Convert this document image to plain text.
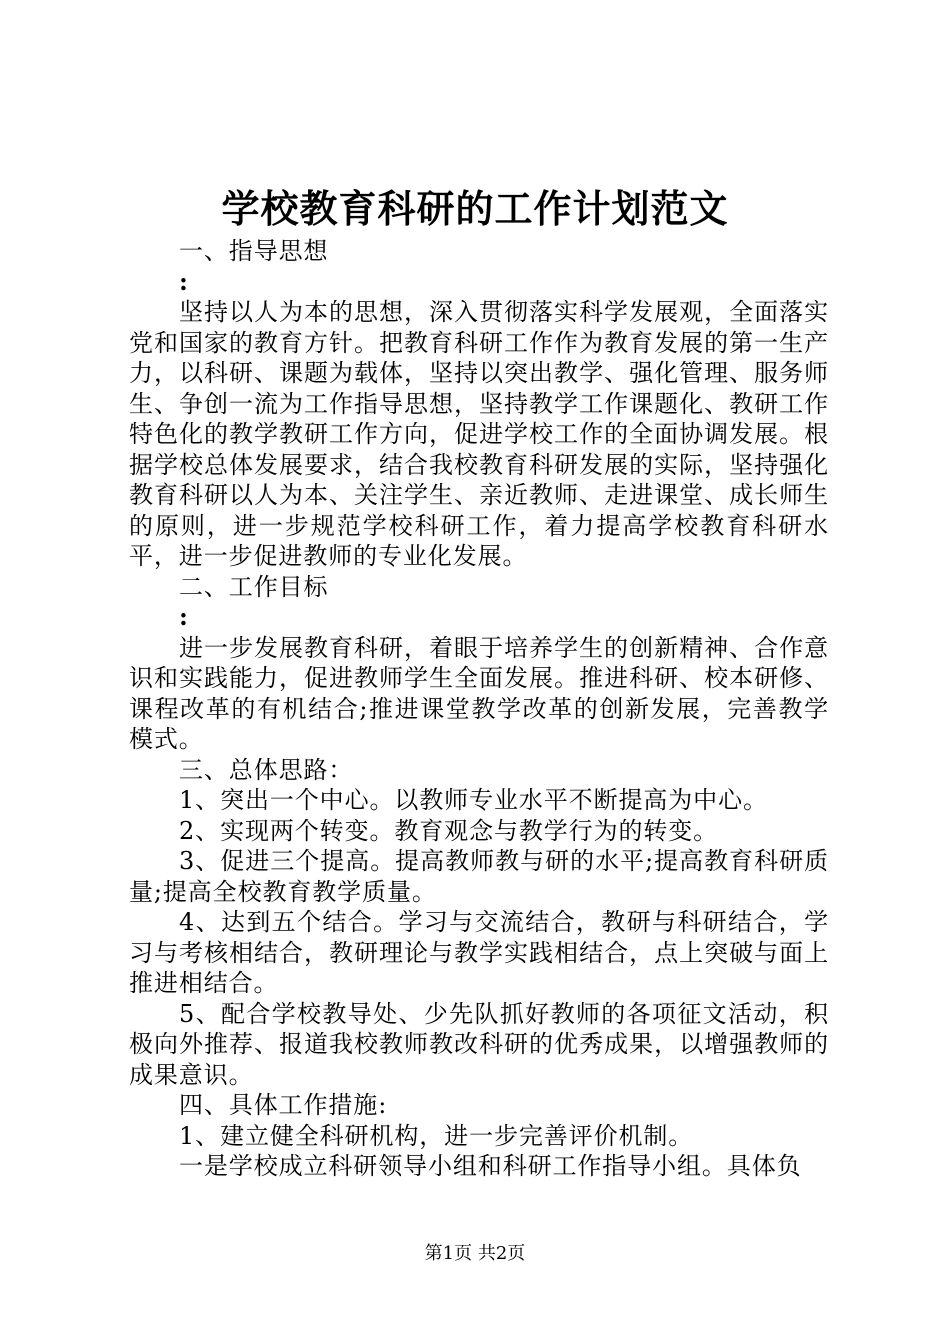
学校教育科研的工作计划范文

一、指导思想

:

坚持以人为本的思想，深入贯彻落实科学发展观，全面落实党和国家的教育方针。把教育科研工作作为教育发展的第一生产力，以科研、课题为载体，坚持以突出教学、强化管理、服务师生、争创一流为工作指导思想，坚持教学工作课题化、教研工作特色化的教学教研工作方向，促进学校工作的全面协调发展。根据学校总体发展要求，结合我校教育科研发展的实际，坚持强化教育科研以人为本、关注学生、亲近教师、走进课堂、成长师生的原则，进一步规范学校科研工作，着力提高学校教育科研水平，进一步促进教师的专业化发展。

二、工作目标

:

进一步发展教育科研，着眼于培养学生的创新精神、合作意识和实践能力，促进教师学生全面发展。推进科研、校本研修、课程改革的有机结合;推进课堂教学改革的创新发展，完善教学模式。

三、总体思路：

1、突出一个中心。以教师专业水平不断提高为中心。

2、实现两个转变。教育观念与教学行为的转变。

3、促进三个提高。提高教师教与研的水平;提高教育科研质量;提高全校教育教学质量。

4、达到五个结合。学习与交流结合，教研与科研结合，学习与考核相结合，教研理论与教学实践相结合，点上突破与面上推进相结合。

5、配合学校教导处、少先队抓好教师的各项征文活动，积极向外推荐、报道我校教师教改科研的优秀成果，以增强教师的成果意识。

四、具体工作措施:

1、建立健全科研机构，进一步完善评价机制。

一是学校成立科研领导小组和科研工作指导小组。具体负

第1页 共2页
